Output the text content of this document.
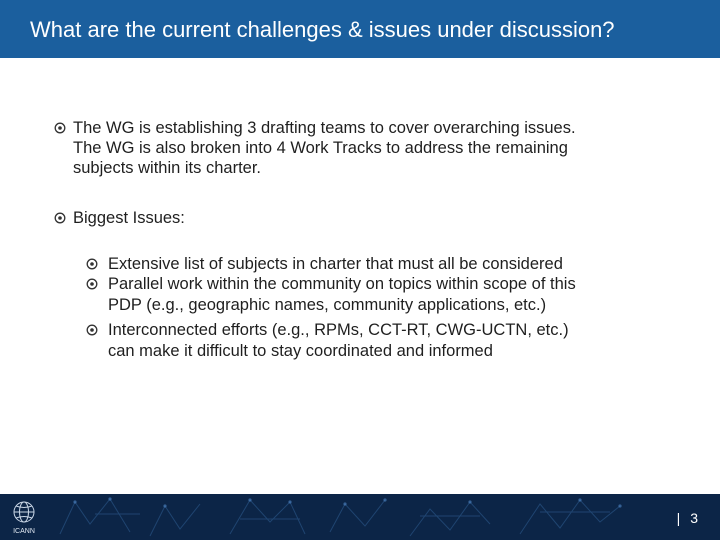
What are the current challenges & issues under discussion?
The WG is establishing 3 drafting teams to cover overarching issues.
The WG is also broken into 4 Work Tracks to address the remaining
subjects within its charter.
Biggest Issues:
Extensive list of subjects in charter that must all be considered
Parallel work within the community on topics within scope of this
PDP (e.g., geographic names, community applications, etc.)
Interconnected efforts (e.g., RPMs, CCT-RT, CWG-UCTN, etc.)
can make it difficult to stay coordinated and informed
ICANN
| 3
